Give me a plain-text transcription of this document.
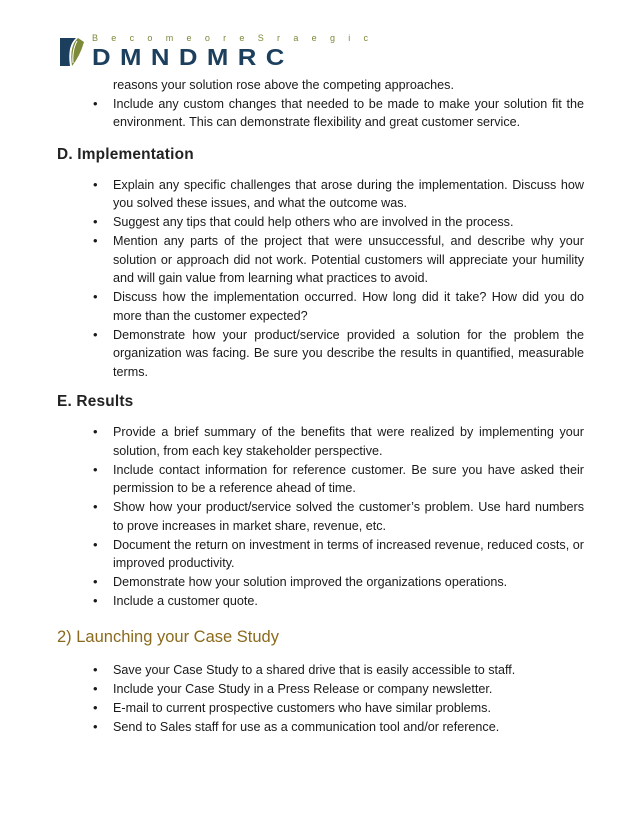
B e c o m e o r e S r a e g i c
D M N D M R C

reasons your solution rose above the competing approaches.

• Include any custom changes that needed to be made to make your solution fit the environment. This can demonstrate flexibility and great customer service.
D. Implementation
• Explain any specific challenges that arose during the implementation. Discuss how you solved these issues, and what the outcome was.
• Suggest any tips that could help others who are involved in the process.
• Mention any parts of the project that were unsuccessful, and describe why your solution or approach did not work. Potential customers will appreciate your humility and will gain value from learning what practices to avoid.
• Discuss how the implementation occurred. How long did it take? How did you do more than the customer expected?
• Demonstrate how your product/service provided a solution for the problem the organization was facing. Be sure you describe the results in quantified, measurable terms.
E. Results
• Provide a brief summary of the benefits that were realized by implementing your solution, from each key stakeholder perspective.
• Include contact information for reference customer. Be sure you have asked their permission to be a reference ahead of time.
• Show how your product/service solved the customer’s problem. Use hard numbers to prove increases in market share, revenue, etc.
• Document the return on investment in terms of increased revenue, reduced costs, or improved productivity.
• Demonstrate how your solution improved the organizations operations.
• Include a customer quote.
2) Launching your Case Study
• Save your Case Study to a shared drive that is easily accessible to staff.
• Include your Case Study in a Press Release or company newsletter.
• E-mail to current prospective customers who have similar problems.
• Send to Sales staff for use as a communication tool and/or reference.
